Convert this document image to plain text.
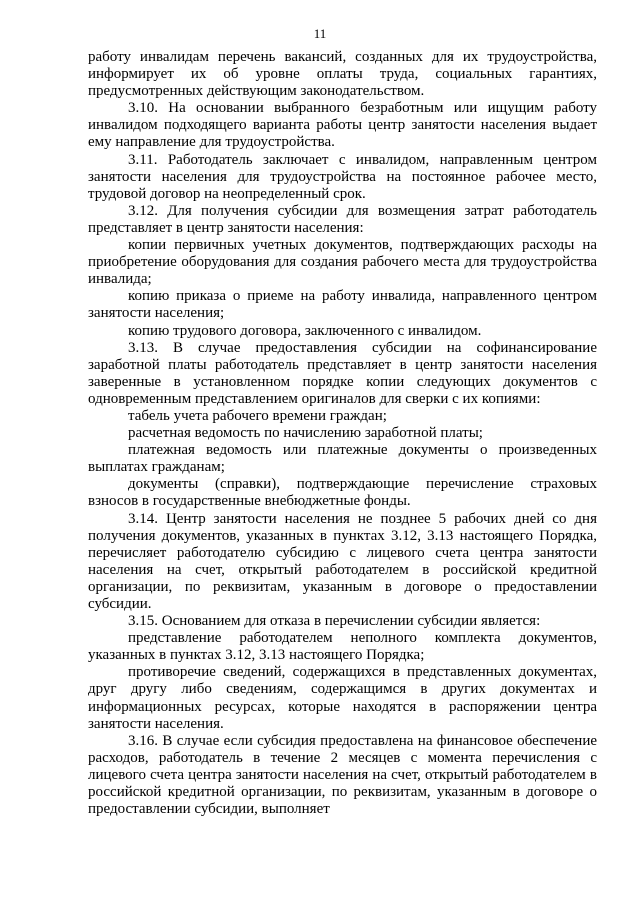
11

работу инвалидам перечень вакансий, созданных для их трудоустройства, информирует их об уровне оплаты труда, социальных гарантиях, предусмотренных действующим законодательством.

3.10. На основании выбранного безработным или ищущим работу инвалидом подходящего варианта работы центр занятости населения выдает ему направление для трудоустройства.

3.11. Работодатель заключает с инвалидом, направленным центром занятости населения для трудоустройства на постоянное рабочее место, трудовой договор на неопределенный срок.

3.12. Для получения субсидии для возмещения затрат работодатель представляет в центр занятости населения:

копии первичных учетных документов, подтверждающих расходы на приобретение оборудования для создания рабочего места для трудоустройства инвалида;

копию приказа о приеме на работу инвалида, направленного центром занятости населения;

копию трудового договора, заключенного с инвалидом.

3.13. В случае предоставления субсидии на софинансирование заработной платы работодатель представляет в центр занятости населения заверенные в установленном порядке копии следующих документов с одновременным представлением оригиналов для сверки с их копиями:

табель учета рабочего времени граждан;

расчетная ведомость по начислению заработной платы;

платежная ведомость или платежные документы о произведенных выплатах гражданам;

документы (справки), подтверждающие перечисление страховых взносов в государственные внебюджетные фонды.

3.14. Центр занятости населения не позднее 5 рабочих дней со дня получения документов, указанных в пунктах 3.12, 3.13 настоящего Порядка, перечисляет работодателю субсидию с лицевого счета центра занятости населения на счет, открытый работодателем в российской кредитной организации, по реквизитам, указанным в договоре о предоставлении субсидии.

3.15. Основанием для отказа в перечислении субсидии является:

представление работодателем неполного комплекта документов, указанных в пунктах 3.12, 3.13 настоящего Порядка;

противоречие сведений, содержащихся в представленных документах, друг другу либо сведениям, содержащимся в других документах и информационных ресурсах, которые находятся в распоряжении центра занятости населения.

3.16. В случае если субсидия предоставлена на финансовое обеспечение расходов, работодатель в течение 2 месяцев с момента перечисления с лицевого счета центра занятости населения на счет, открытый работодателем в российской кредитной организации, по реквизитам, указанным в договоре о предоставлении субсидии, выполняет
